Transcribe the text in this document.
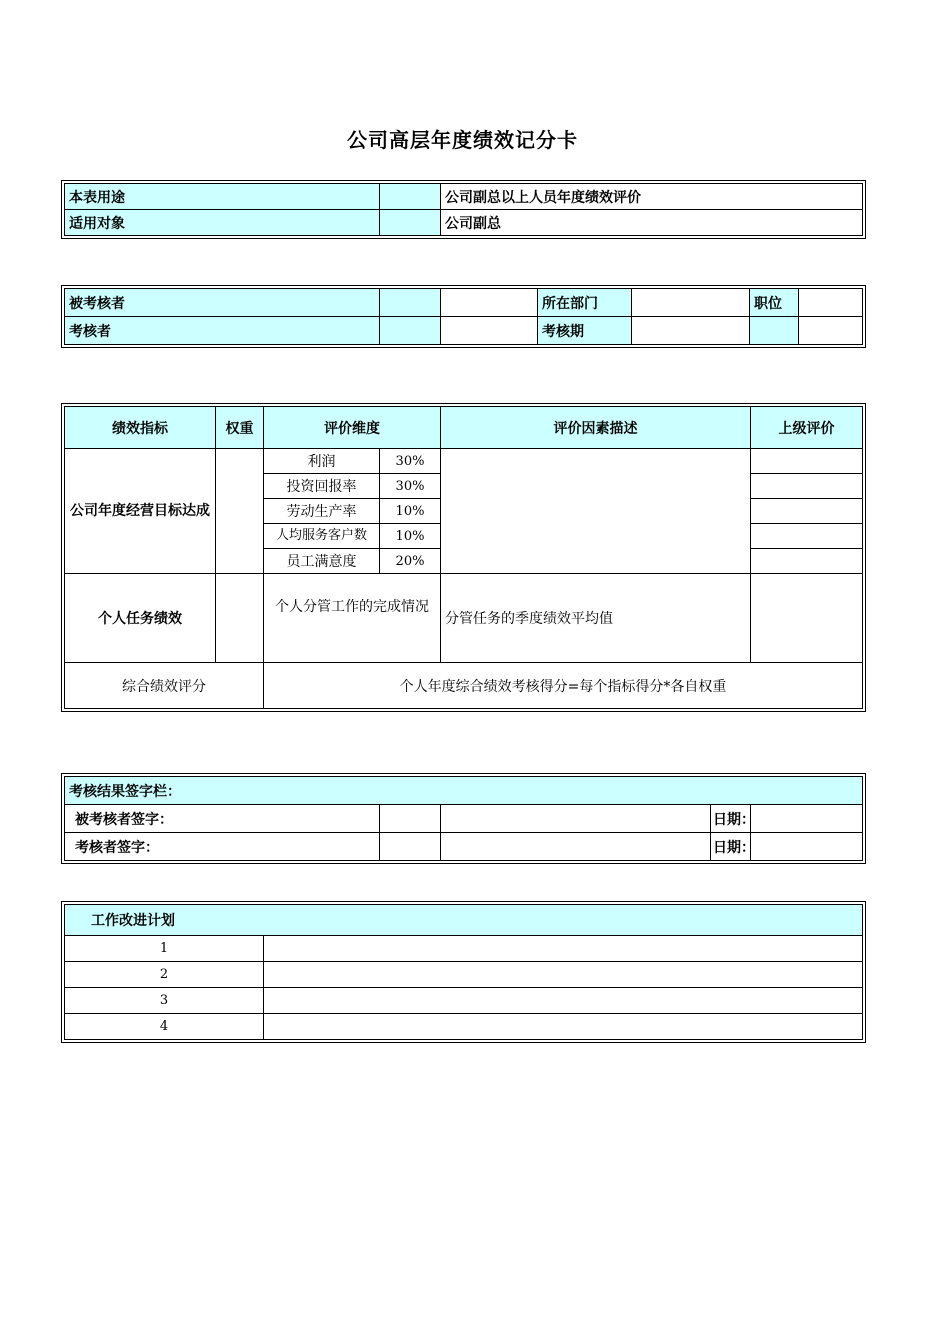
公司高层年度绩效记分卡
本表用途		公司副总以上人员年度绩效评价
适用对象		公司副总
被考核者			所在部门		职位	
考核者			考核期			
绩效指标	权重	评价维度		评价因素描述	上级评价
公司年度经营目标达成		利润	30%		
		投资回报率	30%		
		劳动生产率	10%		
		人均服务客户数	10%		
		员工满意度	20%		
个人任务绩效		个人分管工作的完成情况		分管任务的季度绩效平均值	
综合绩效评分		个人年度综合绩效考核得分=每个指标得分*各自权重			
考核结果签字栏：				
被考核者签字：			日期：	
考核者签字：			日期：	
工作改进计划	
1	
2	
3	
4	
